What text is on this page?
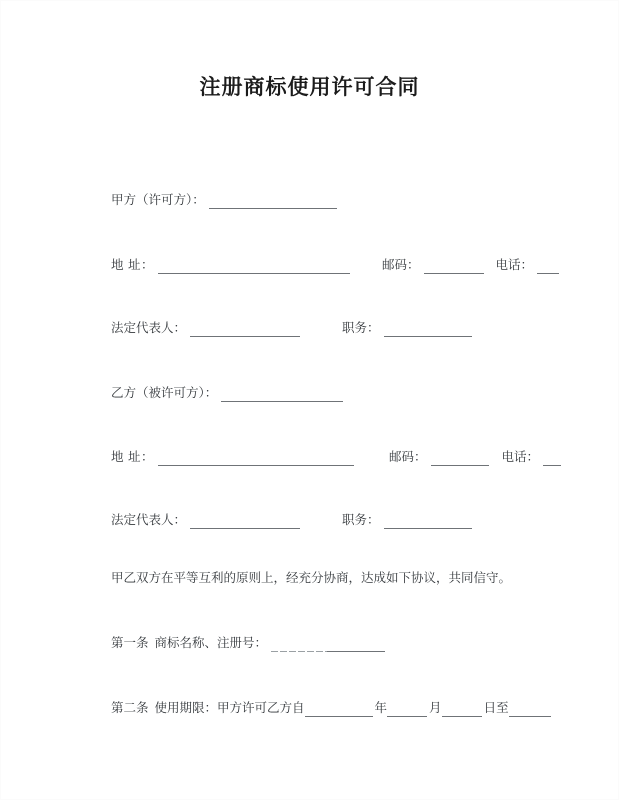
注册商标使用许可合同
甲方（许可方）：
地 址：	邮码：	电话：
法定代表人：	职务：
乙方（被许可方）：
地 址：	邮码：	电话：
法定代表人：	职务：
甲乙双方在平等互利的原则上，经充分协商，达成如下协议，共同信守。
第一条 商标名称、注册号：
第二条 使用期限：甲方许可乙方自	年	月	日至
